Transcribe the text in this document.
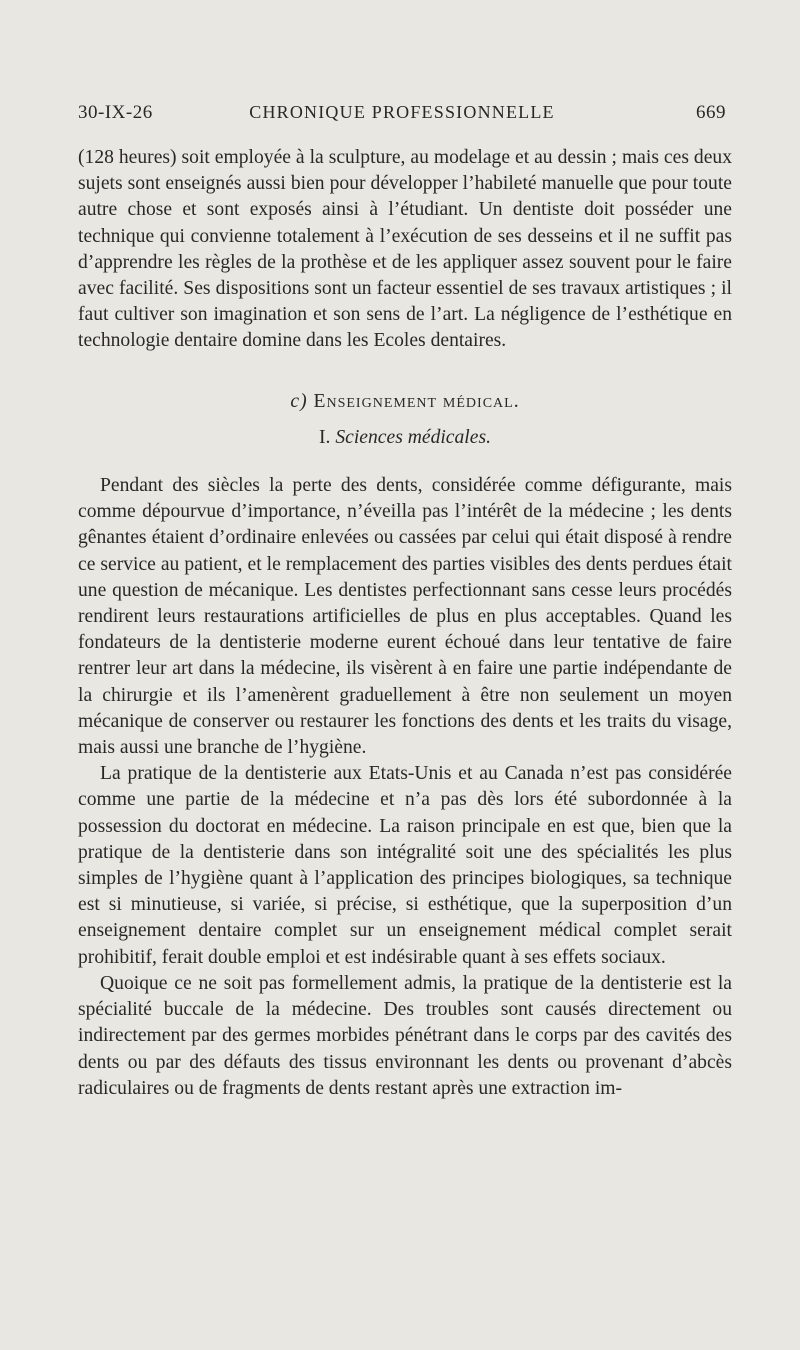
30-IX-26	CHRONIQUE PROFESSIONNELLE	669

(128 heures) soit employée à la sculpture, au modelage et au dessin ; mais ces deux sujets sont enseignés aussi bien pour développer l’habileté manuelle que pour toute autre chose et sont exposés ainsi à l’étudiant. Un dentiste doit posséder une technique qui convienne totalement à l’exécution de ses desseins et il ne suffit pas d’apprendre les règles de la prothèse et de les appliquer assez souvent pour le faire avec facilité. Ses dispositions sont un facteur essentiel de ses travaux artistiques ; il faut cultiver son imagination et son sens de l’art. La négligence de l’esthétique en technologie dentaire domine dans les Ecoles dentaires.

c) Enseignement médical.
I. Sciences médicales.

Pendant des siècles la perte des dents, considérée comme défigurante, mais comme dépourvue d’importance, n’éveilla pas l’intérêt de la médecine ; les dents gênantes étaient d’ordinaire enlevées ou cassées par celui qui était disposé à rendre ce service au patient, et le remplacement des parties visibles des dents perdues était une question de mécanique. Les dentistes perfectionnant sans cesse leurs procédés rendirent leurs restaurations artificielles de plus en plus acceptables. Quand les fondateurs de la dentisterie moderne eurent échoué dans leur tentative de faire rentrer leur art dans la médecine, ils visèrent à en faire une partie indépendante de la chirurgie et ils l’amenèrent graduellement à être non seulement un moyen mécanique de conserver ou restaurer les fonctions des dents et les traits du visage, mais aussi une branche de l’hygiène.

La pratique de la dentisterie aux Etats-Unis et au Canada n’est pas considérée comme une partie de la médecine et n’a pas dès lors été subordonnée à la possession du doctorat en médecine. La raison principale en est que, bien que la pratique de la dentisterie dans son intégralité soit une des spécialités les plus simples de l’hygiène quant à l’application des principes biologiques, sa technique est si minutieuse, si variée, si précise, si esthétique, que la superposition d’un enseignement dentaire complet sur un enseignement médical complet serait prohibitif, ferait double emploi et est indésirable quant à ses effets sociaux.

Quoique ce ne soit pas formellement admis, la pratique de la dentisterie est la spécialité buccale de la médecine. Des troubles sont causés directement ou indirectement par des germes morbides pénétrant dans le corps par des cavités des dents ou par des défauts des tissus environnant les dents ou provenant d’abcès radiculaires ou de fragments de dents restant après une extraction im-
